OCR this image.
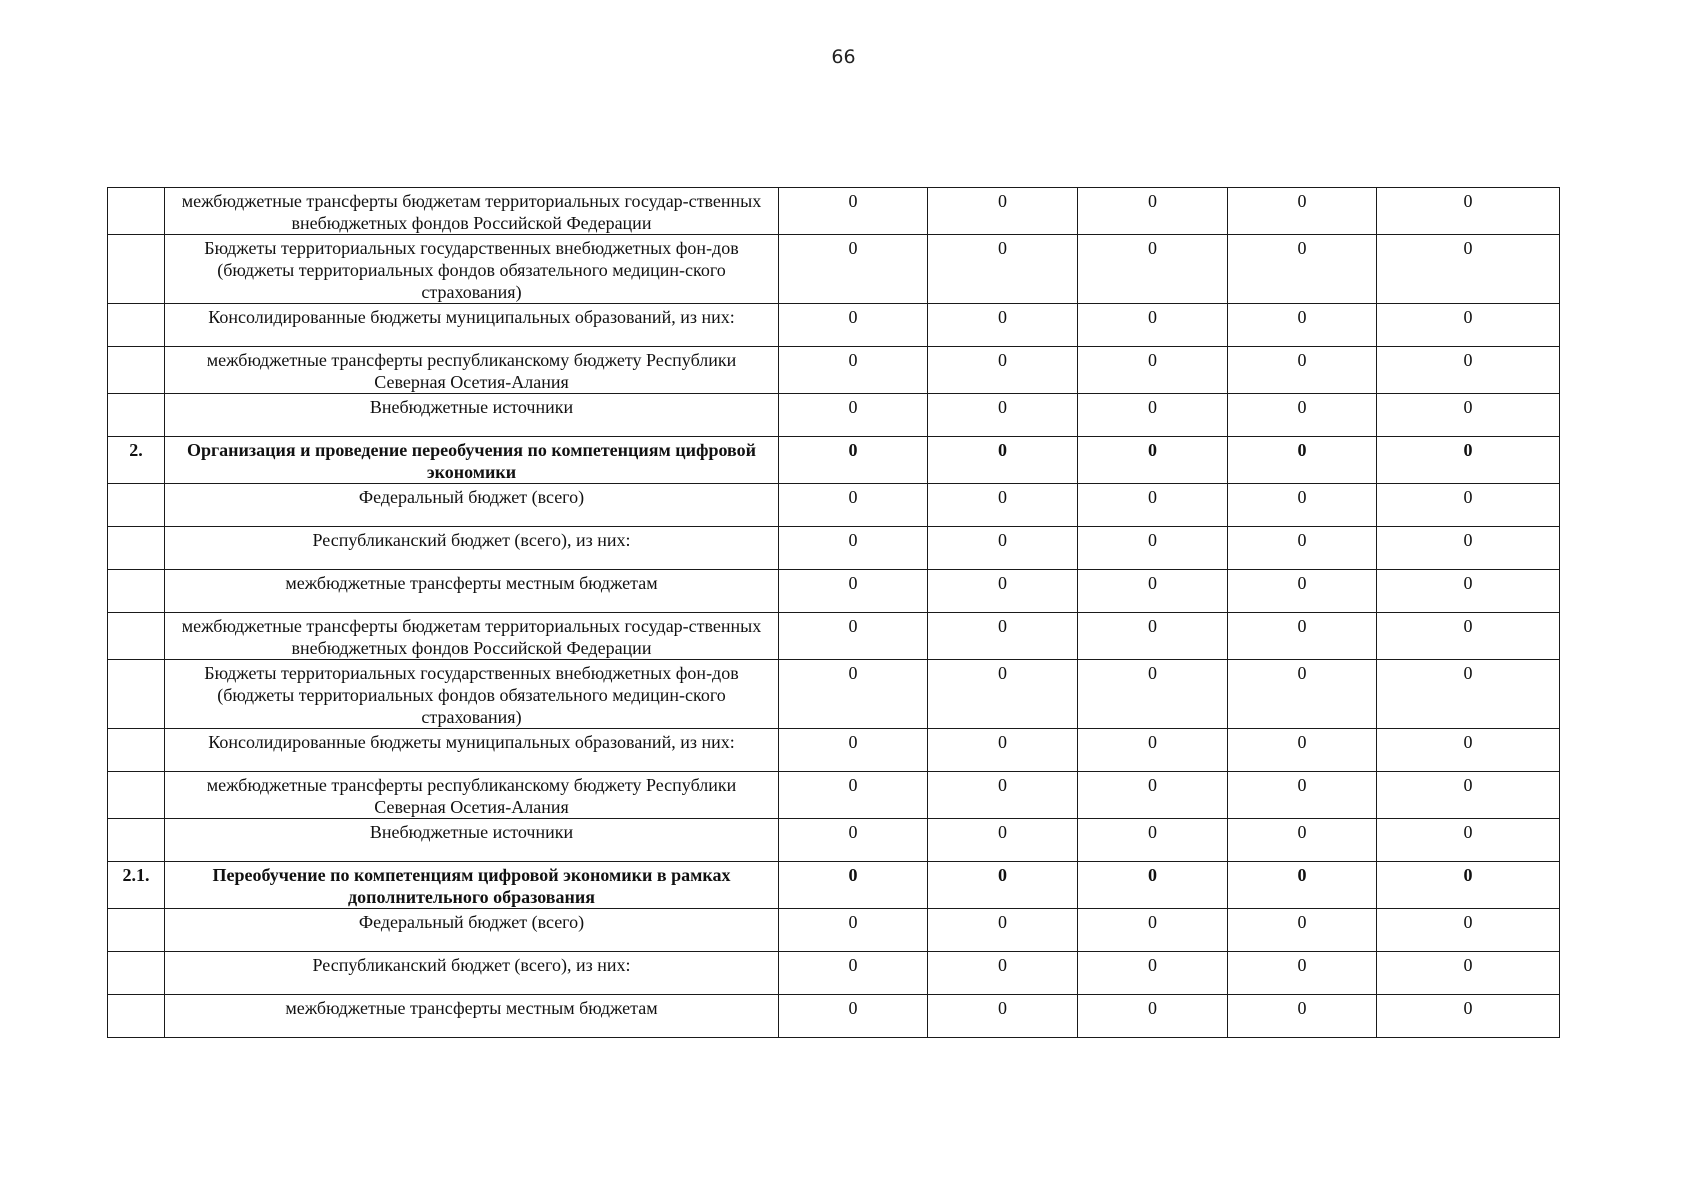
66
	межбюджетные трансферты бюджетам территориальных государ-ственных внебюджетных фондов Российской Федерации	0	0	0	0	0
	Бюджеты территориальных государственных внебюджетных фон-дов (бюджеты территориальных фондов обязательного медицин-ского страхования)	0	0	0	0	0
	Консолидированные бюджеты муниципальных образований, из них:	0	0	0	0	0
	межбюджетные трансферты республиканскому бюджету Республики Северная Осетия-Алания	0	0	0	0	0
	Внебюджетные источники	0	0	0	0	0
2.	Организация и проведение переобучения по компетенциям цифровой экономики	0	0	0	0	0
	Федеральный бюджет (всего)	0	0	0	0	0
	Республиканский бюджет (всего), из них:	0	0	0	0	0
	межбюджетные трансферты местным бюджетам	0	0	0	0	0
	межбюджетные трансферты бюджетам территориальных государ-ственных внебюджетных фондов Российской Федерации	0	0	0	0	0
	Бюджеты территориальных государственных внебюджетных фон-дов (бюджеты территориальных фондов обязательного медицин-ского страхования)	0	0	0	0	0
	Консолидированные бюджеты муниципальных образований, из них:	0	0	0	0	0
	межбюджетные трансферты республиканскому бюджету Республики Северная Осетия-Алания	0	0	0	0	0
	Внебюджетные источники	0	0	0	0	0
2.1.	Переобучение по компетенциям цифровой экономики в рамках дополнительного образования	0	0	0	0	0
	Федеральный бюджет (всего)	0	0	0	0	0
	Республиканский бюджет (всего), из них:	0	0	0	0	0
	межбюджетные трансферты местным бюджетам	0	0	0	0	0
